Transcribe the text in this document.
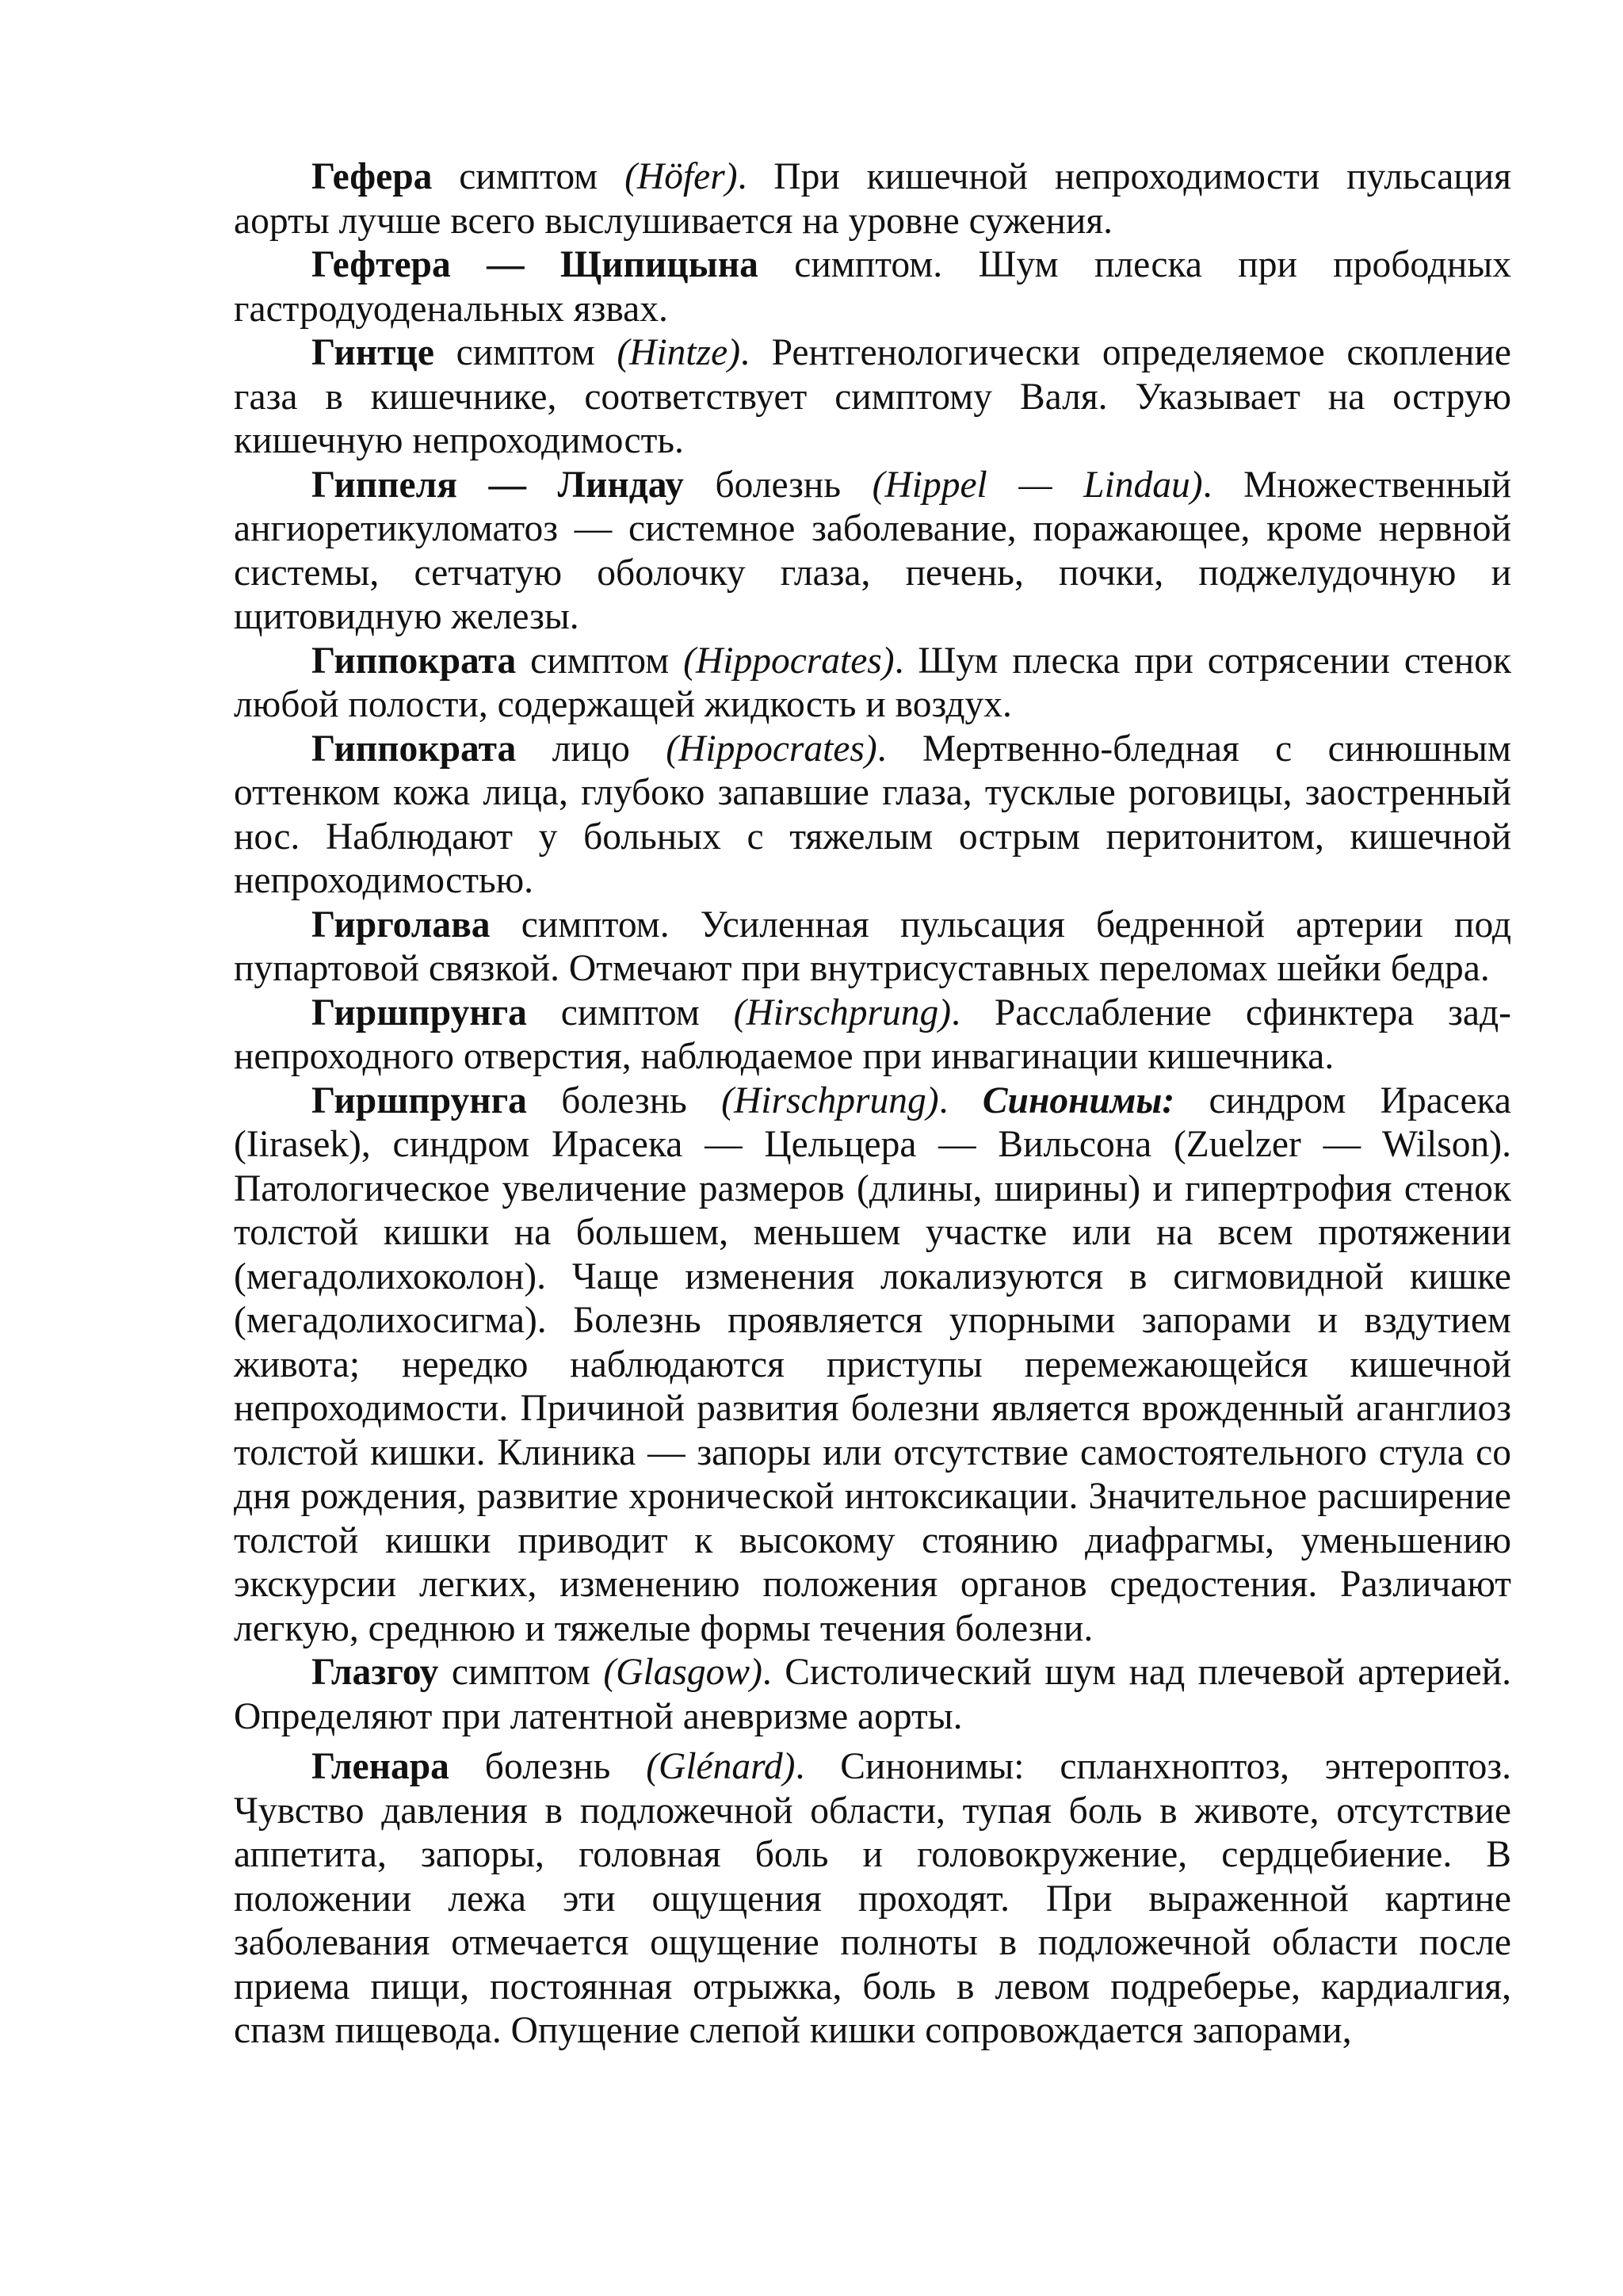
Гефера симптом (Höfer). При кишечной непроходимости пульсация аорты лучше всего выслушивается на уровне сужения.

Гефтера — Щипицына симптом. Шум плеска при прободных гастродуоденальных язвах.

Гинтце симптом (Hintze). Рентгенологически определяемое скопление газа в кишечнике, соответствует симптому Валя. Указывает на острую кишечную непроходимость.

Гиппеля — Линдау болезнь (Hippel — Lindau). Множественный ангиоретикуломатоз — системное заболевание, поражающее, кроме нервной системы, сетчатую оболочку глаза, печень, почки, поджелудочную и щитовидную железы.

Гиппократа симптом (Hippocrates). Шум плеска при сотрясении стенок любой полости, содержащей жидкость и воздух.

Гиппократа лицо (Hippocrates). Мертвенно-бледная с синюшным оттенком кожа лица, глубоко запавшие глаза, тусклые роговицы, заостренный нос. Наблюдают у больных с тяжелым острым перитонитом, кишечной непроходимостью.

Гирголава симптом. Усиленная пульсация бедренной артерии под пупартовой связкой. Отмечают при внутрисуставных переломах шейки бедра.

Гиршпрунга симптом (Hirschprung). Расслабление сфинктера зад-непроходного отверстия, наблюдаемое при инвагинации кишечника.

Гиршпрунга болезнь (Hirschprung). Синонимы: синдром Ирасека (Iirasek), синдром Ирасека — Цельцера — Вильсона (Zuelzer — Wilson). Патологическое увеличение размеров (длины, ширины) и гипертрофия стенок толстой кишки на большем, меньшем участке или на всем протяжении (мегадолихоколон). Чаще изменения локализуются в сигмовидной кишке (мегадолихосигма). Болезнь проявляется упорными запорами и вздутием живота; нередко наблюдаются приступы перемежающейся кишечной непроходимости. Причиной развития болезни является врожденный аганглиоз толстой кишки. Клиника — запоры или отсутствие самостоятельного стула со дня рождения, развитие хронической интоксикации. Значительное расширение толстой кишки приводит к высокому стоянию диафрагмы, уменьшению экскурсии легких, изменению положения органов средостения. Различают легкую, среднюю и тяжелые формы течения болезни.

Глазгоу симптом (Glasgow). Систолический шум над плечевой артерией. Определяют при латентной аневризме аорты.

Гленара болезнь (Glénard). Синонимы: спланхноптоз, энтероптоз. Чувство давления в подложечной области, тупая боль в животе, отсутствие аппетита, запоры, головная боль и головокружение, сердцебиение. В положении лежа эти ощущения проходят. При выраженной картине заболевания отмечается ощущение полноты в подложечной области после приема пищи, постоянная отрыжка, боль в левом подреберье, кардиалгия, спазм пищевода. Опущение слепой кишки сопровождается запорами,
